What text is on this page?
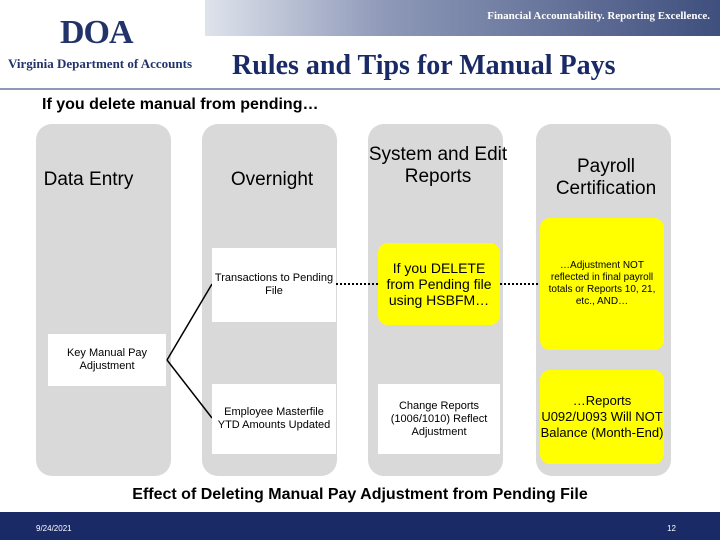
Financial Accountability. Reporting Excellence.
DOA
Virginia Department of Accounts Rules and Tips for Manual Pays
If you delete manual from pending…
Data Entry	Overnight
System and Edit Reports	Payroll Certification
Key Manual Pay Adjustment
Transactions to Pending File
Employee Masterfile YTD Amounts Updated
If you DELETE from Pending file using HSBFM…
Change Reports (1006/1010) Reflect Adjustment
…Adjustment NOT reflected in final payroll totals or Reports 10, 21, etc., AND…
…Reports U092/U093 Will NOT Balance (Month-End)
Effect of Deleting Manual Pay Adjustment from Pending File
9/24/2021	12
